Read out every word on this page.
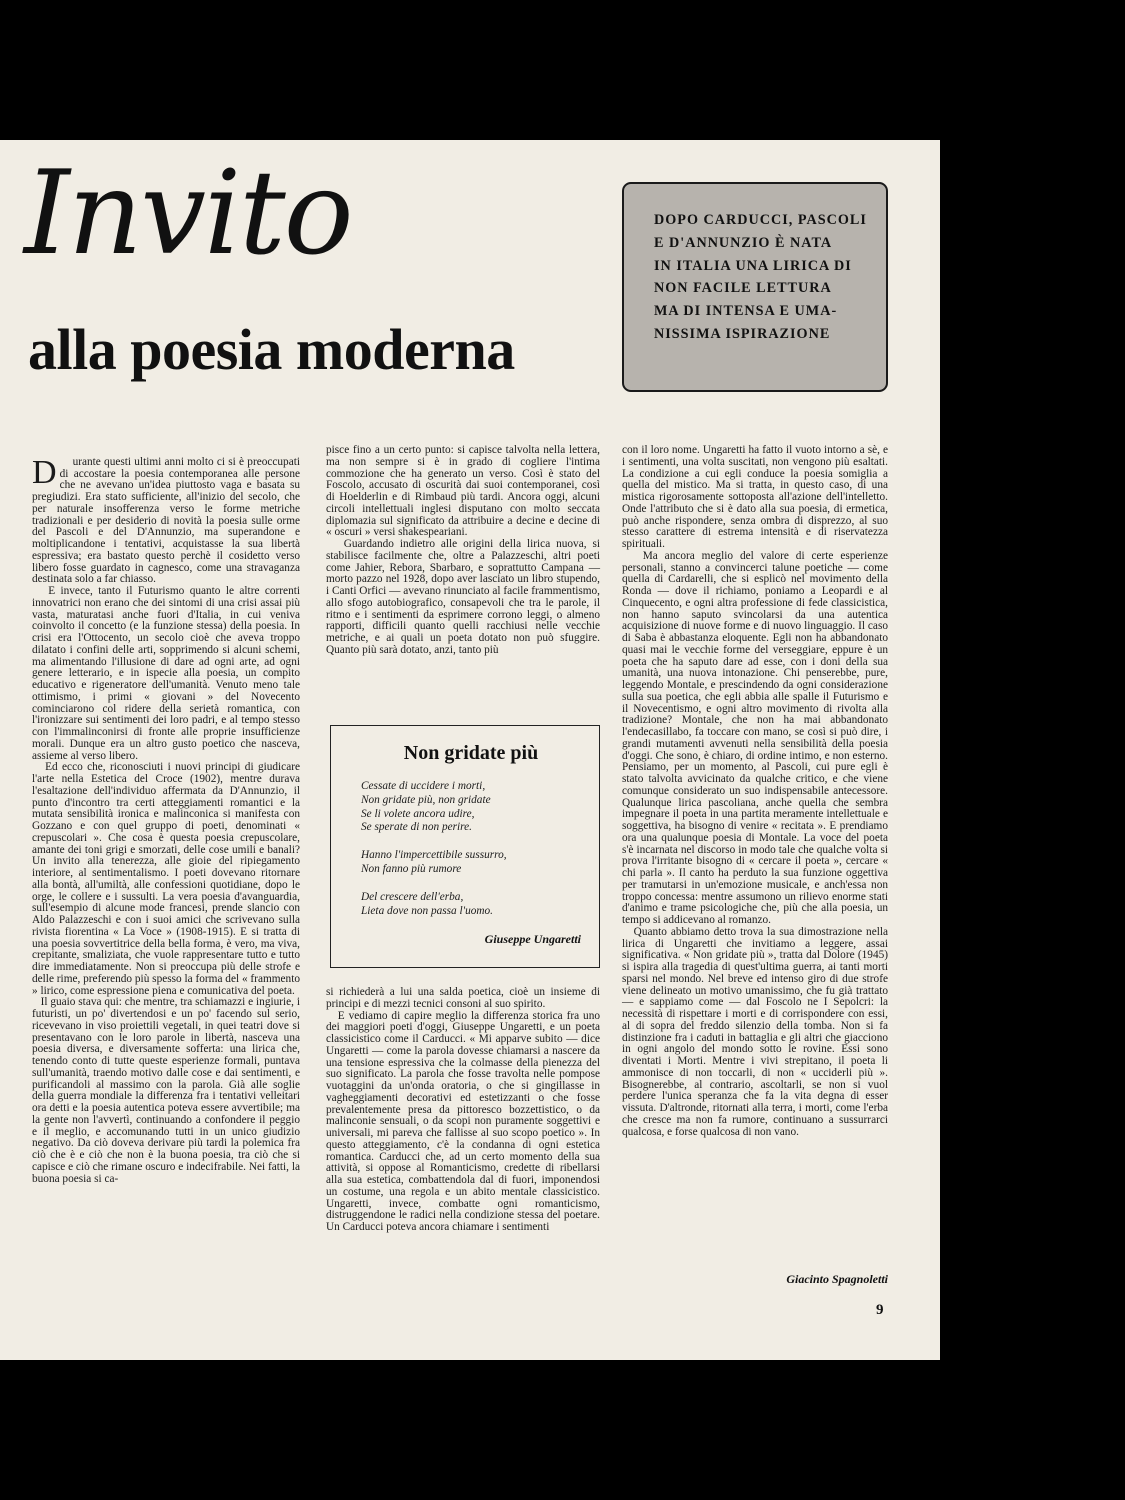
Invito
alla poesia moderna
DOPO CARDUCCI, PASCOLI
E D'ANNUNZIO È NATA
IN ITALIA UNA LIRICA DI
NON FACILE LETTURA
MA DI INTENSA E UMA-
NISSIMA ISPIRAZIONE

D urante questi ultimi anni molto ci si è preoccupati di accostare la poesia contemporanea alle persone che ne avevano un'idea piuttosto vaga e basata su pregiudizi. Era stato sufficiente, all'inizio del secolo, che per naturale insofferenza verso le forme metriche tradizionali e per desiderio di novità la poesia sulle orme del Pascoli e del D'Annunzio, ma superandone e moltiplicandone i tentativi, acquistasse la sua libertà espressiva; era bastato questo perchè il cosidetto verso libero fosse guardato in cagnesco, come una stravaganza destinata solo a far chiasso.
E invece, tanto il Futurismo quanto le altre correnti innovatrici non erano che dei sintomi di una crisi assai più vasta, maturatasi anche fuori d'Italia, in cui veniva coinvolto il concetto (e la funzione stessa) della poesia. In crisi era l'Ottocento, un secolo cioè che aveva troppo dilatato i confini delle arti, sopprimendo si alcuni schemi, ma alimentando l'illusione di dare ad ogni arte, ad ogni genere letterario, e in ispecie alla poesia, un compito educativo e rigeneratore dell'umanità. Venuto meno tale ottimismo, i primi « giovani » del Novecento cominciarono col ridere della serietà romantica, con l'ironizzare sui sentimenti dei loro padri, e al tempo stesso con l'immalinconirsi di fronte alle proprie insufficienze morali. Dunque era un altro gusto poetico che nasceva, assieme al verso libero.
Ed ecco che, riconosciuti i nuovi principi di giudicare l'arte nella Estetica del Croce (1902), mentre durava l'esaltazione dell'individuo affermata da D'Annunzio, il punto d'incontro tra certi atteggiamenti romantici e la mutata sensibilità ironica e malinconica si manifesta con Gozzano e con quel gruppo di poeti, denominati « crepuscolari ». Che cosa è questa poesia crepuscolare, amante dei toni grigi e smorzati, delle cose umili e banali? Un invito alla tenerezza, alle gioie del ripiegamento interiore, al sentimentalismo. I poeti dovevano ritornare alla bontà, all'umiltà, alle confessioni quotidiane, dopo le orge, le collere e i sussulti. La vera poesia d'avanguardia, sull'esempio di alcune mode francesi, prende slancio con Aldo Palazzeschi e con i suoi amici che scrivevano sulla rivista fiorentina « La Voce » (1908-1915). E si tratta di una poesia sovvertitrice della bella forma, è vero, ma viva, crepitante, smaliziata, che vuole rappresentare tutto e tutto dire immediatamente. Non si preoccupa più delle strofe e delle rime, preferendo più spesso la forma del « frammento » lirico, come espressione piena e comunicativa del poeta.
Il guaio stava qui: che mentre, tra schiamazzi e ingiurie, i futuristi, un po' divertendosi e un po' facendo sul serio, ricevevano in viso proiettili vegetali, in quei teatri dove si presentavano con le loro parole in libertà, nasceva una poesia diversa, e diversamente sofferta: una lirica che, tenendo conto di tutte queste esperienze formali, puntava sull'umanità, traendo motivo dalle cose e dai sentimenti, e purificandoli al massimo con la parola. Già alle soglie della guerra mondiale la differenza fra i tentativi velleitari ora detti e la poesia autentica poteva essere avvertibile; ma la gente non l'avvertì, continuando a confondere il peggio e il meglio, e accomunando tutti in un unico giudizio negativo. Da ciò doveva derivare più tardi la polemica fra ciò che è e ciò che non è la buona poesia, tra ciò che si capisce e ciò che rimane oscuro e indecifrabile. Nei fatti, la buona poesia si ca-

pisce fino a un certo punto: si capisce talvolta nella lettera, ma non sempre si è in grado di cogliere l'intima commozione che ha generato un verso. Così è stato del Foscolo, accusato di oscurità dai suoi contemporanei, così di Hoelderlin e di Rimbaud più tardi. Ancora oggi, alcuni circoli intellettuali inglesi disputano con molto seccata diplomazia sul significato da attribuire a decine e decine di « oscuri » versi shakespeariani.
Guardando indietro alle origini della lirica nuova, si stabilisce facilmente che, oltre a Palazzeschi, altri poeti come Jahier, Rebora, Sbarbaro, e soprattutto Campana — morto pazzo nel 1928, dopo aver lasciato un libro stupendo, i Canti Orfici — avevano rinunciato al facile frammentismo, allo sfogo autobiografico, consapevoli che tra le parole, il ritmo e i sentimenti da esprimere corrono leggi, o almeno rapporti, difficili quanto quelli racchiusi nelle vecchie metriche, e ai quali un poeta dotato non può sfuggire. Quanto più sarà dotato, anzi, tanto più
Non gridate più
Cessate di uccidere i morti,
Non gridate più, non gridate
Se li volete ancora udire,
Se sperate di non perire.
Hanno l'impercettibile sussurro,
Non fanno più rumore
Del crescere dell'erba,
Lieta dove non passa l'uomo.
Giuseppe Ungaretti
si richiederà a lui una salda poetica, cioè un insieme di principi e di mezzi tecnici consoni al suo spirito.
E vediamo di capire meglio la differenza storica fra uno dei maggiori poeti d'oggi, Giuseppe Ungaretti, e un poeta classicistico come il Carducci. « Mi apparve subito — dice Ungaretti — come la parola dovesse chiamarsi a nascere da una tensione espressiva che la colmasse della pienezza del suo significato. La parola che fosse travolta nelle pompose vuotaggini da un'onda oratoria, o che si gingillasse in vagheggiamenti decorativi ed estetizzanti o che fosse prevalentemente presa da pittoresco bozzettistico, o da malinconie sensuali, o da scopi non puramente soggettivi e universali, mi pareva che fallisse al suo scopo poetico ». In questo atteggiamento, c'è la condanna di ogni estetica romantica. Carducci che, ad un certo momento della sua attività, si oppose al Romanticismo, credette di ribellarsi alla sua estetica, combattendola dal di fuori, imponendosi un costume, una regola e un abito mentale classicistico. Ungaretti, invece, combatte ogni romanticismo, distruggendone le radici nella condizione stessa del poetare. Un Carducci poteva ancora chiamare i sentimenti
con il loro nome. Ungaretti ha fatto il vuoto intorno a sè, e i sentimenti, una volta suscitati, non vengono più esaltati. La condizione a cui egli conduce la poesia somiglia a quella del mistico. Ma si tratta, in questo caso, di una mistica rigorosamente sottoposta all'azione dell'intelletto. Onde l'attributo che si è dato alla sua poesia, di ermetica, può anche rispondere, senza ombra di disprezzo, al suo stesso carattere di estrema intensità e di riservatezza spirituali.
Ma ancora meglio del valore di certe esperienze personali, stanno a convincerci talune poetiche — come quella di Cardarelli, che si esplicò nel movimento della Ronda — dove il richiamo, poniamo a Leopardi e al Cinquecento, e ogni altra professione di fede classicistica, non hanno saputo svincolarsi da una autentica acquisizione di nuove forme e di nuovo linguaggio. Il caso di Saba è abbastanza eloquente. Egli non ha abbandonato quasi mai le vecchie forme del verseggiare, eppure è un poeta che ha saputo dare ad esse, con i doni della sua umanità, una nuova intonazione. Chi penserebbe, pure, leggendo Montale, e prescindendo da ogni considerazione sulla sua poetica, che egli abbia alle spalle il Futurismo e il Novecentismo, e ogni altro movimento di rivolta alla tradizione? Montale, che non ha mai abbandonato l'endecasillabo, fa toccare con mano, se così si può dire, i grandi mutamenti avvenuti nella sensibilità della poesia d'oggi. Che sono, è chiaro, di ordine intimo, e non esterno. Pensiamo, per un momento, al Pascoli, cui pure egli è stato talvolta avvicinato da qualche critico, e che viene comunque considerato un suo indispensabile antecessore. Qualunque lirica pascoliana, anche quella che sembra impegnare il poeta in una partita meramente intellettuale e soggettiva, ha bisogno di venire « recitata ». E prendiamo ora una qualunque poesia di Montale. La voce del poeta s'è incarnata nel discorso in modo tale che qualche volta si prova l'irritante bisogno di « cercare il poeta », cercare « chi parla ». Il canto ha perduto la sua funzione oggettiva per tramutarsi in un'emozione musicale, e anch'essa non troppo concessa: mentre assumono un rilievo enorme stati d'animo e trame psicologiche che, più che alla poesia, un tempo si addicevano al romanzo.
Quanto abbiamo detto trova la sua dimostrazione nella lirica di Ungaretti che invitiamo a leggere, assai significativa. « Non gridate più », tratta dal Dolore (1945) si ispira alla tragedia di quest'ultima guerra, ai tanti morti sparsi nel mondo. Nel breve ed intenso giro di due strofe viene delineato un motivo umanissimo, che fu già trattato — e sappiamo come — dal Foscolo ne I Sepolcri: la necessità di rispettare i morti e di corrispondere con essi, al di sopra del freddo silenzio della tomba. Non si fa distinzione fra i caduti in battaglia e gli altri che giacciono in ogni angolo del mondo sotto le rovine. Essi sono diventati i Morti. Mentre i vivi strepitano, il poeta li ammonisce di non toccarli, di non « ucciderli più ». Bisognerebbe, al contrario, ascoltarli, se non si vuol perdere l'unica speranza che fa la vita degna di esser vissuta. D'altronde, ritornati alla terra, i morti, come l'erba che cresce ma non fa rumore, continuano a sussurrarci qualcosa, e forse qualcosa di non vano.
Giacinto Spagnoletti
9
